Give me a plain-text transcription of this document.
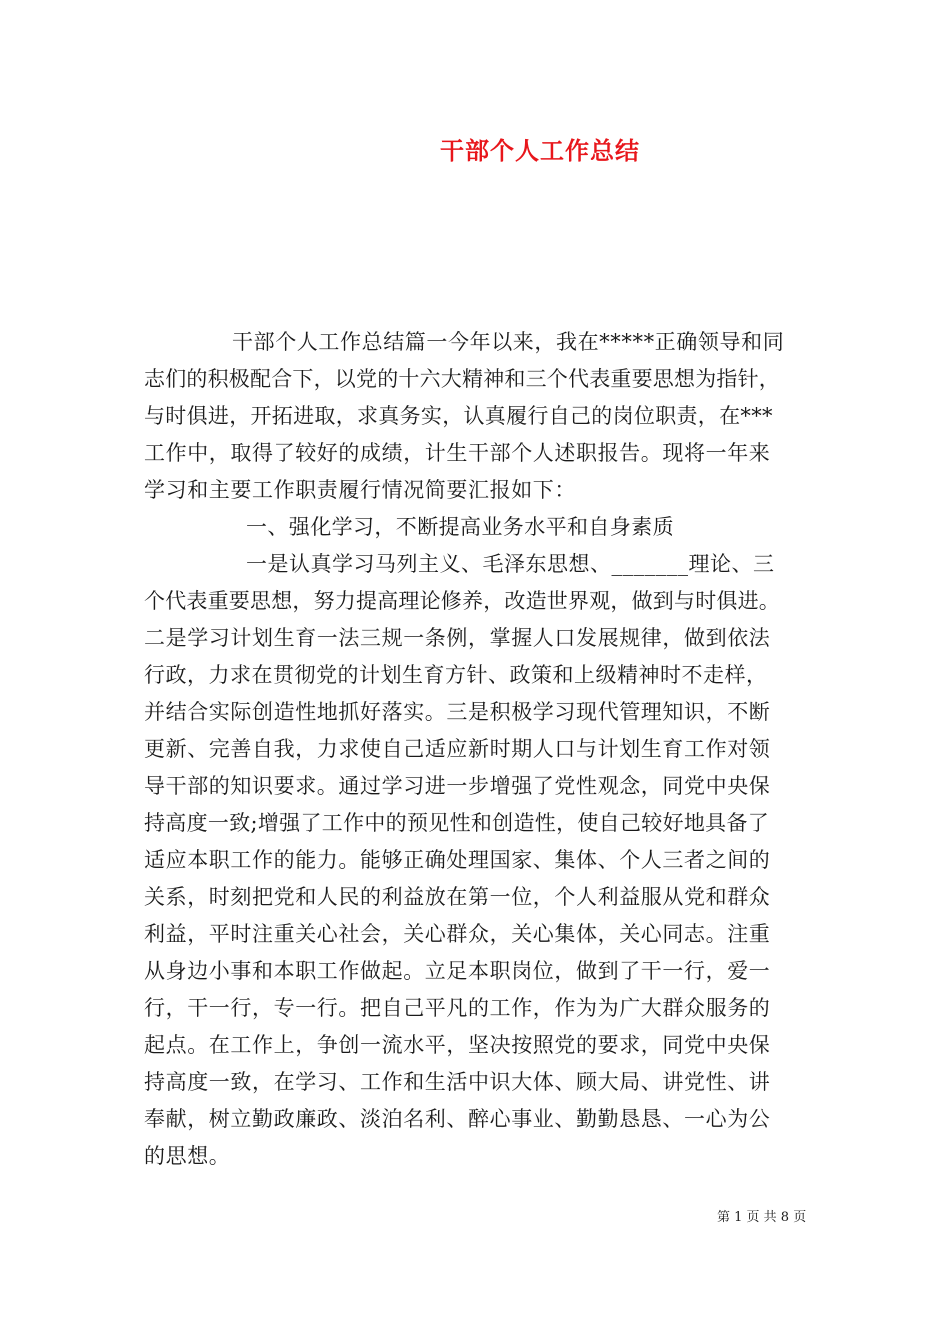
干部个人工作总结

干部个人工作总结篇一今年以来，我在*****正确领导和同

志们的积极配合下，以党的十六大精神和三个代表重要思想为指针，

与时俱进，开拓进取，求真务实，认真履行自己的岗位职责，在***

工作中，取得了较好的成绩，计生干部个人述职报告。现将一年来

学习和主要工作职责履行情况简要汇报如下：

一、强化学习，不断提高业务水平和自身素质

一是认真学习马列主义、毛泽东思想、_______理论、三

个代表重要思想，努力提高理论修养，改造世界观，做到与时俱进。

二是学习计划生育一法三规一条例，掌握人口发展规律，做到依法

行政，力求在贯彻党的计划生育方针、政策和上级精神时不走样，

并结合实际创造性地抓好落实。三是积极学习现代管理知识，不断

更新、完善自我，力求使自己适应新时期人口与计划生育工作对领

导干部的知识要求。通过学习进一步增强了党性观念，同党中央保

持高度一致;增强了工作中的预见性和创造性，使自己较好地具备了

适应本职工作的能力。能够正确处理国家、集体、个人三者之间的

关系，时刻把党和人民的利益放在第一位，个人利益服从党和群众

利益，平时注重关心社会，关心群众，关心集体，关心同志。注重

从身边小事和本职工作做起。立足本职岗位，做到了干一行，爱一

行，干一行，专一行。把自己平凡的工作，作为为广大群众服务的

起点。在工作上，争创一流水平，坚决按照党的要求，同党中央保

持高度一致，在学习、工作和生活中识大体、顾大局、讲党性、讲

奉献，树立勤政廉政、淡泊名利、醉心事业、勤勤恳恳、一心为公

的思想。

第 1 页 共 8 页
